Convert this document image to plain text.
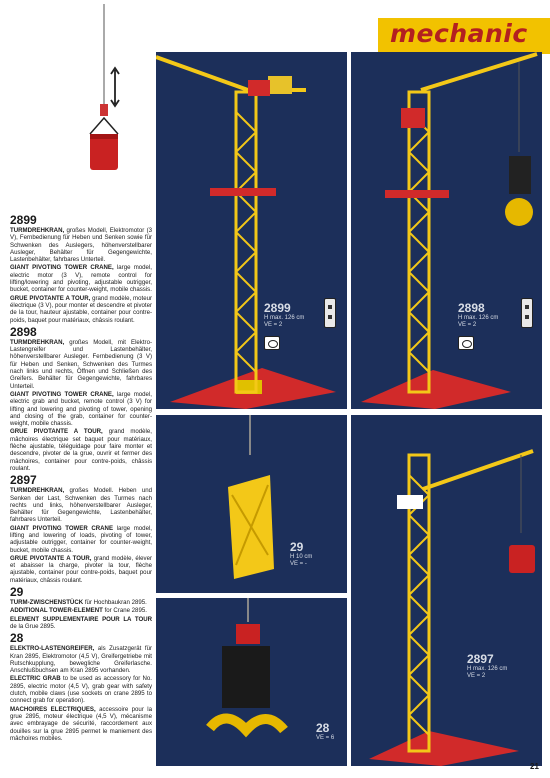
mechanic
2899
H max. 126 cm
VE = 2
2898
H max. 126 cm
VE = 2
29
H 10 cm
VE = -
28
VE = 6
2897
H max. 126 cm
VE = 2
2899

TURMDREHKRAN, großes Modell, Elektromotor (3 V), Fernbedienung für Heben und Senken sowie für Schwenken des Auslegers, höhenverstellbarer Ausleger, Behälter für Gegengewichte, Lastenbehälter, fahrbares Unterteil.

GIANT PIVOTING TOWER CRANE, large model, electric motor (3 V), remote control for lifting/lowering and pivoting, adjustable outrigger, bucket, container for counter-weight, mobile chassis.

GRUE PIVOTANTE A TOUR, grand modèle, moteur électrique (3 V), pour monter et descendre et pivoter de la tour, hauteur ajustable, container pour contre-poids, baquet pour matériaux, châssis roulant.

2898

TURMDREHKRAN, großes Modell, mit Elektro-Lastengreifer und Lastenbehälter, höhenverstellbarer Ausleger. Fernbedienung (3 V) für Heben und Senken, Schwenken des Turmes nach links und rechts, Öffnen und Schließen des Greifers. Behälter für Gegengewichte, fahrbares Unterteil.

GIANT PIVOTING TOWER CRANE, large model, electric grab and bucket, remote control (3 V) for lifting and lowering and pivoting of tower, opening and closing of the grab, container for counter-weight, mobile chassis.

GRUE PIVOTANTE A TOUR, grand modèle, mâchoires électrique set baquet pour matériaux, flèche ajustable, téléguidage pour faire monter et descendre, pivoter de la grue, ouvrir et fermer des mâchoires, container pour contre-poids, châssis roulant.

2897

TURMDREHKRAN, großes Modell. Heben und Senken der Last, Schwenken des Turmes nach rechts und links, höhenverstellbarer Ausleger, Behälter für Gegengewichte, Lastenbehälter, fahrbares Unterteil.

GIANT PIVOTING TOWER CRANE large model, lifting and lowering of loads, pivoting of tower, adjustable outrigger, container for counter-weight, bucket, mobile chassis.

GRUE PIVOTANTE A TOUR, grand modèle, élever et abaisser la charge, pivoter la tour, flèche ajustable, container pour contre-poids, baquet pour matériaux, châssis roulant.

29

TURM-ZWISCHENSTÜCK für Hochbaukran 2895.

ADDITIONAL TOWER-ELEMENT for Crane 2895.

ELEMENT SUPPLEMENTAIRE POUR LA TOUR de la Grue 2895.

28

ELEKTRO-LASTENGREIFER, als Zusatzgerät für Kran 2895, Elektromotor (4,5 V), Greifergetriebe mit Rutschkupplung, bewegliche Greiferlasche. Anschlußbuchsen am Kran 2895 vorhanden.

ELECTRIC GRAB to be used as accessory for No. 2895, electric motor (4,5 V), grab gear with safety clutch, mobile claws (use sockets on crane 2895 to connect grab for operation).

MACHOIRES ELECTRIQUES, accessoire pour la grue 2895, moteur électrique (4,5 V), mécanisme avec embrayage de sécurité, raccordement aux douilles sur la grue 2895 permet le maniement des mâchoires mobiles.

21
